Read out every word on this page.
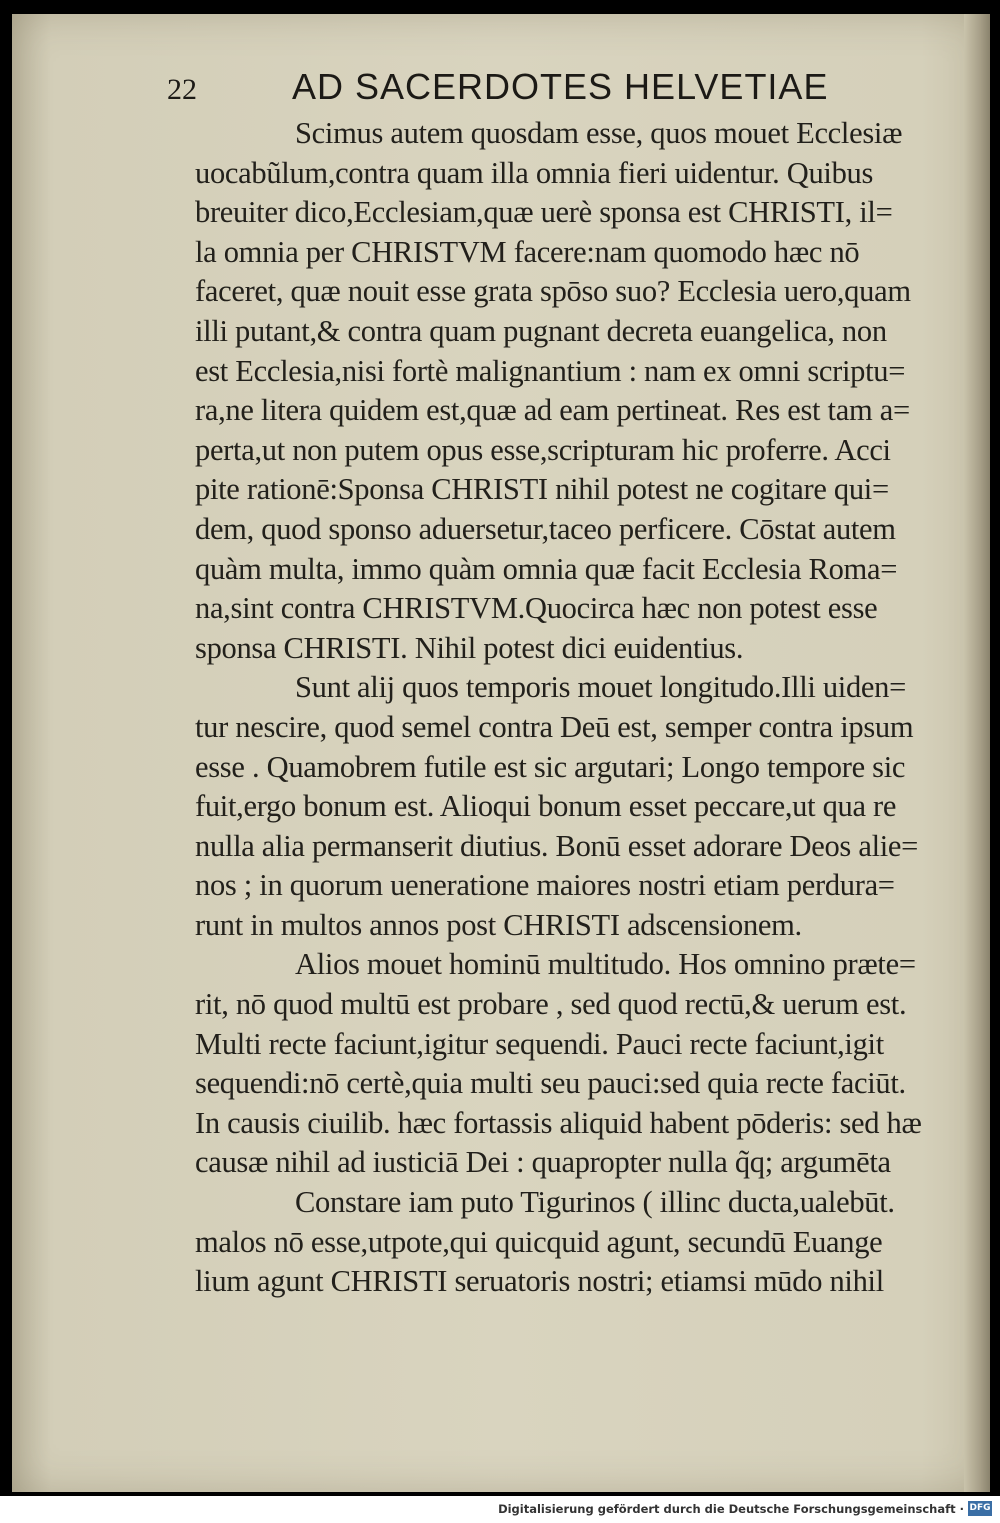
22	AD SACERDOTES HELVETIAE
Scimus autem quosdam esse, quos mouet Ecclesiæ
uocabũlum,contra quam illa omnia fieri uidentur. Quibus
breuiter dico,Ecclesiam,quæ uerè sponsa est CHRISTI, il=
la omnia per CHRISTVM facere:nam quomodo hæc nō
faceret, quæ nouit esse grata spōso suo? Ecclesia uero,quam
illi putant,& contra quam pugnant decreta euangelica, non
est Ecclesia,nisi fortè malignantium : nam ex omni scriptu=
ra,ne litera quidem est,quæ ad eam pertineat. Res est tam a=
perta,ut non putem opus esse,scripturam hic proferre. Acci
pite rationē:Sponsa CHRISTI nihil potest ne cogitare qui=
dem, quod sponso aduersetur,taceo perficere. Cōstat autem
quàm multa, immo quàm omnia quæ facit Ecclesia Roma=
na,sint contra CHRISTVM.Quocirca hæc non potest esse
sponsa CHRISTI. Nihil potest dici euidentius.
Sunt alij quos temporis mouet longitudo.Illi uiden=
tur nescire, quod semel contra Deū est, semper contra ipsum
esse . Quamobrem futile est sic argutari; Longo tempore sic
fuit,ergo bonum est. Alioqui bonum esset peccare,ut qua re
nulla alia permanserit diutius. Bonū esset adorare Deos alie=
nos ; in quorum ueneratione maiores nostri etiam perdura=
runt in multos annos post CHRISTI adscensionem.
Alios mouet hominū multitudo. Hos omnino præte=
rit, nō quod multū est probare , sed quod rectū,& uerum est.
Multi recte faciunt,igitur sequendi. Pauci recte faciunt,igit
sequendi:nō certè,quia multi seu pauci:sed quia recte faciūt.
In causis ciuilib. hæc fortassis aliquid habent pōderis: sed hæ
causæ nihil ad iusticiā Dei : quapropter nulla q̃q; argumēta
Constare iam puto Tigurinos ( illinc ducta,ualebūt.
malos nō esse,utpote,qui quicquid agunt, secundū Euange
lium agunt CHRISTI seruatoris nostri; etiamsi mūdo nihil
Digitalisierung gefördert durch die Deutsche Forschungsgemeinschaft · DFG
